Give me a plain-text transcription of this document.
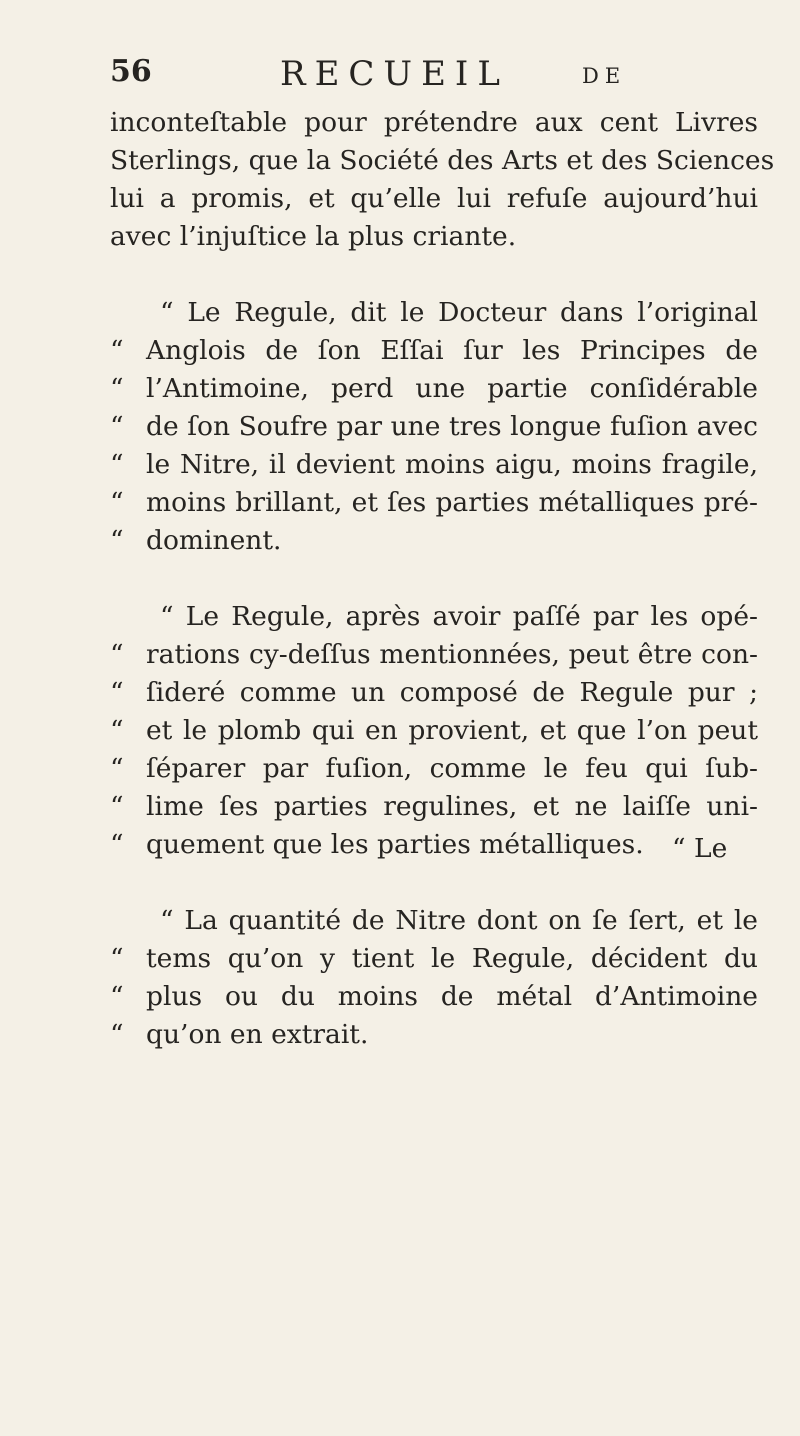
56	RECUEIL	DE
inconteſtable pour prétendre aux cent Livres
Sterlings, que la Société des Arts et des Sciences
lui a promis, et qu’elle lui refuſe aujourd’hui
avec l’injuſtice la plus criante.
“ Le Regule, dit le Docteur dans l’original
“ Anglois de ſon Eſſai ſur les Principes de
“ l’Antimoine, perd une partie conſidérable
“ de ſon Soufre par une tres longue fuſion avec
“ le Nitre, il devient moins aigu, moins fragile,
“ moins brillant, et ſes parties métalliques pré-
“ dominent.
“ Le Regule, après avoir paſſé par les opé-
“ rations cy-deſſus mentionnées, peut être con-
“ ſideré comme un composé de Regule pur ;
“ et le plomb qui en provient, et que l’on peut
“ ſéparer par fuſion, comme le feu qui ſub-
“ lime ſes parties regulines, et ne laiſſe uni-
“ quement que les parties métalliques.
“ La quantité de Nitre dont on ſe ſert, et le
“ tems qu’on y tient le Regule, décident du
“ plus ou du moins de métal d’Antimoine
“ qu’on en extrait.
“ Le
